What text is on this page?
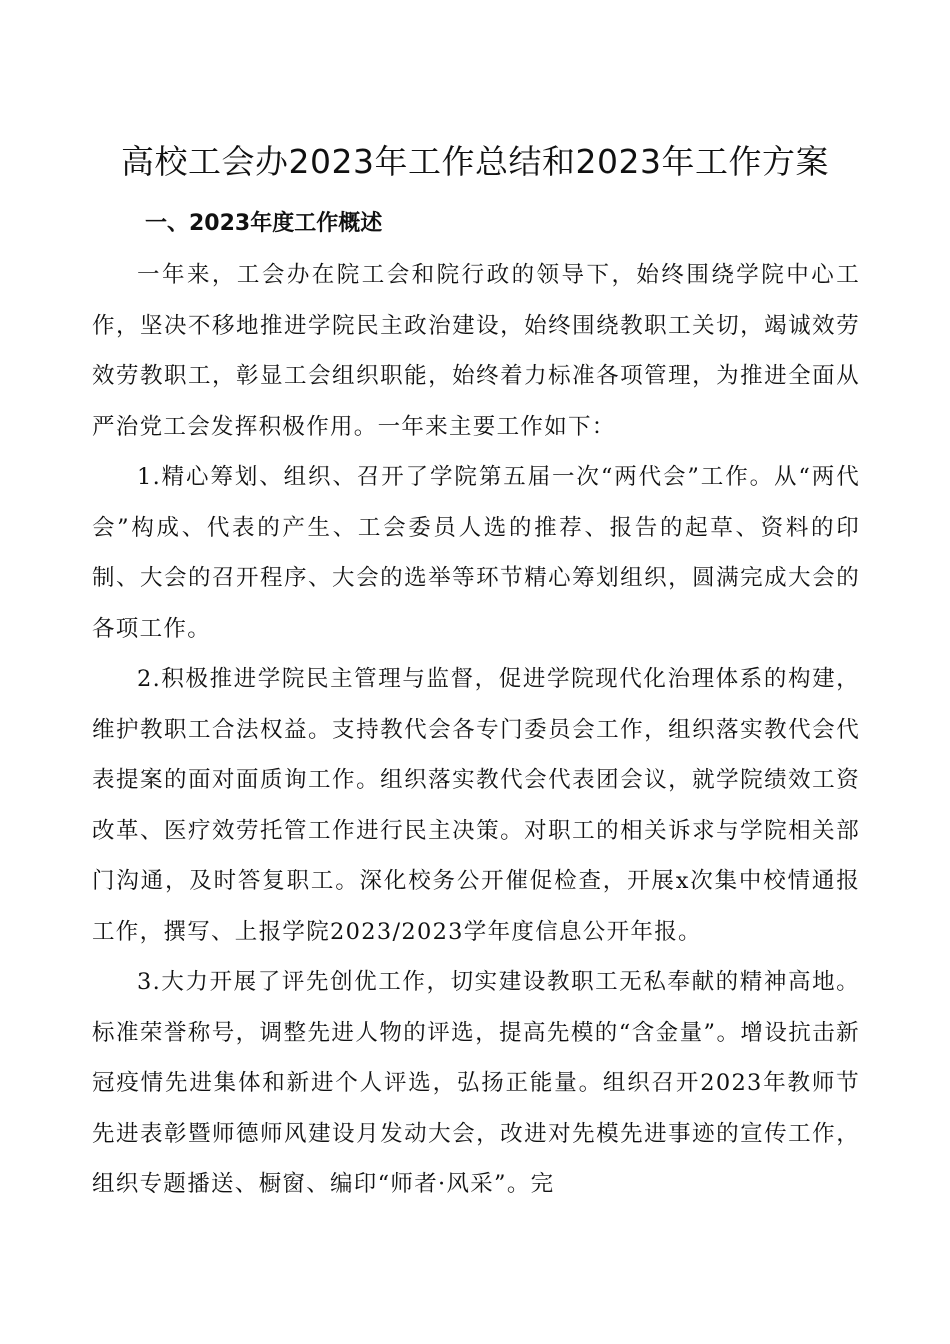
高校工会办2023年工作总结和2023年工作方案
一、2023年度工作概述

一年来，工会办在院工会和院行政的领导下，始终围绕学院中心工作，坚决不移地推进学院民主政治建设，始终围绕教职工关切，竭诚效劳效劳教职工，彰显工会组织职能，始终着力标准各项管理，为推进全面从严治党工会发挥积极作用。一年来主要工作如下：

1.精心筹划、组织、召开了学院第五届一次“两代会”工作。从“两代会”构成、代表的产生、工会委员人选的推荐、报告的起草、资料的印制、大会的召开程序、大会的选举等环节精心筹划组织，圆满完成大会的各项工作。

2.积极推进学院民主管理与监督，促进学院现代化治理体系的构建，维护教职工合法权益。支持教代会各专门委员会工作，组织落实教代会代表提案的面对面质询工作。组织落实教代会代表团会议，就学院绩效工资改革、医疗效劳托管工作进行民主决策。对职工的相关诉求与学院相关部门沟通，及时答复职工。深化校务公开催促检查，开展x次集中校情通报工作，撰写、上报学院2023/2023学年度信息公开年报。

3.大力开展了评先创优工作，切实建设教职工无私奉献的精神高地。标准荣誉称号，调整先进人物的评选，提高先模的“含金量”。增设抗击新冠疫情先进集体和新进个人评选，弘扬正能量。组织召开2023年教师节先进表彰暨师德师风建设月发动大会，改进对先模先进事迹的宣传工作，组织专题播送、橱窗、编印“师者·风采”。完
